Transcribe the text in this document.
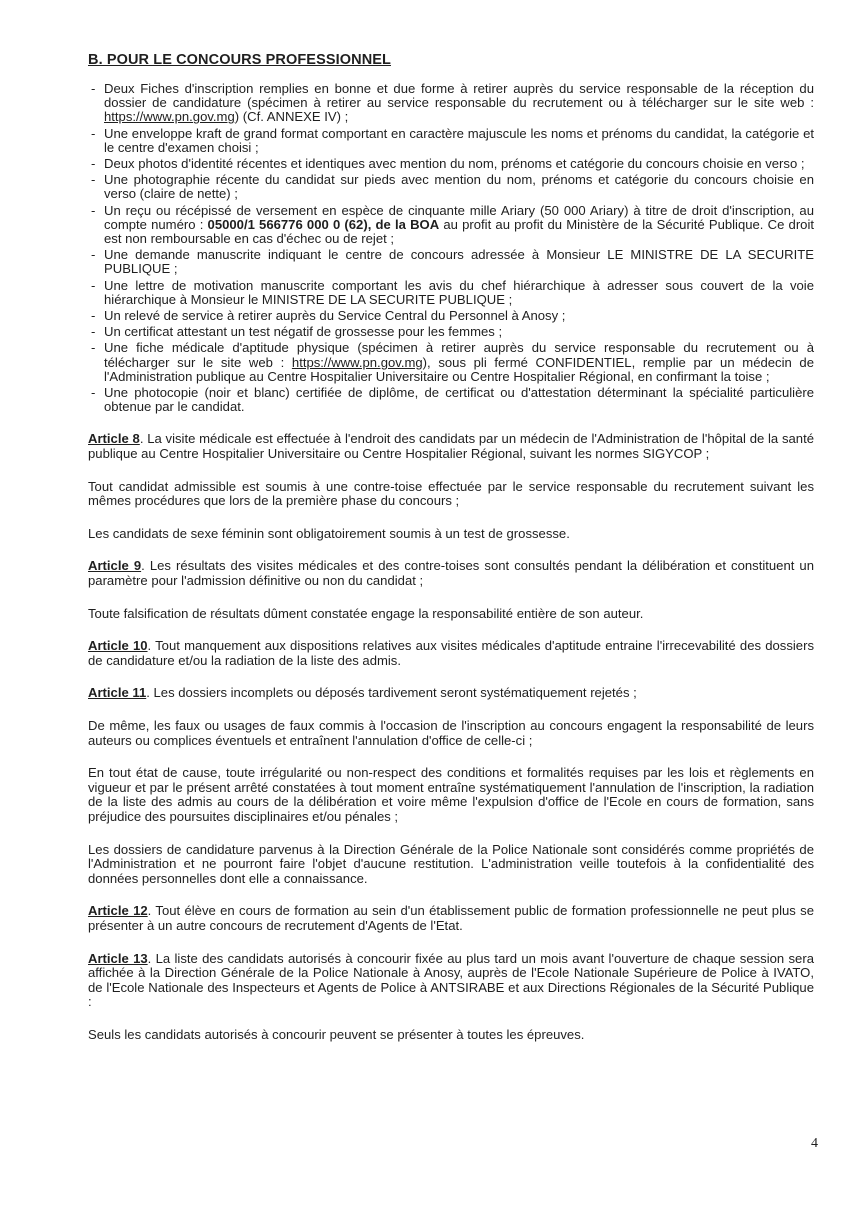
B. POUR LE CONCOURS PROFESSIONNEL
- Deux Fiches d'inscription remplies en bonne et due forme à retirer auprès du service responsable de la réception du dossier de candidature (spécimen à retirer au service responsable du recrutement ou à télécharger sur le site web : https://www.pn.gov.mg) (Cf. ANNEXE IV) ;
- Une enveloppe kraft de grand format comportant en caractère majuscule les noms et prénoms du candidat, la catégorie et le centre d'examen choisi ;
- Deux photos d'identité récentes et identiques avec mention du nom, prénoms et catégorie du concours choisie en verso ;
- Une photographie récente du candidat sur pieds avec mention du nom, prénoms et catégorie du concours choisie en verso (claire de nette) ;
- Un reçu ou récépissé de versement en espèce de cinquante mille Ariary (50 000 Ariary) à titre de droit d'inscription, au compte numéro : 05000/1 566776 000 0 (62), de la BOA au profit au profit du Ministère de la Sécurité Publique. Ce droit est non remboursable en cas d'échec ou de rejet ;
- Une demande manuscrite indiquant le centre de concours adressée à Monsieur LE MINISTRE DE LA SECURITE PUBLIQUE ;
- Une lettre de motivation manuscrite comportant les avis du chef hiérarchique à adresser sous couvert de la voie hiérarchique à Monsieur le MINISTRE DE LA SECURITE PUBLIQUE ;
- Un relevé de service à retirer auprès du Service Central du Personnel à Anosy ;
- Un certificat attestant un test négatif de grossesse pour les femmes ;
- Une fiche médicale d'aptitude physique (spécimen à retirer auprès du service responsable du recrutement ou à télécharger sur le site web : https://www.pn.gov.mg), sous pli fermé CONFIDENTIEL, remplie par un médecin de l'Administration publique au Centre Hospitalier Universitaire ou Centre Hospitalier Régional, en confirmant la toise ;
- Une photocopie (noir et blanc) certifiée de diplôme, de certificat ou d'attestation déterminant la spécialité particulière obtenue par le candidat.

Article 8. La visite médicale est effectuée à l'endroit des candidats par un médecin de l'Administration de l'hôpital de la santé publique au Centre Hospitalier Universitaire ou Centre Hospitalier Régional, suivant les normes SIGYCOP ;

Tout candidat admissible est soumis à une contre-toise effectuée par le service responsable du recrutement suivant les mêmes procédures que lors de la première phase du concours ;

Les candidats de sexe féminin sont obligatoirement soumis à un test de grossesse.

Article 9. Les résultats des visites médicales et des contre-toises sont consultés pendant la délibération et constituent un paramètre pour l'admission définitive ou non du candidat ;

Toute falsification de résultats dûment constatée engage la responsabilité entière de son auteur.

Article 10. Tout manquement aux dispositions relatives aux visites médicales d'aptitude entraine l'irrecevabilité des dossiers de candidature et/ou la radiation de la liste des admis.

Article 11. Les dossiers incomplets ou déposés tardivement seront systématiquement rejetés ;

De même, les faux ou usages de faux commis à l'occasion de l'inscription au concours engagent la responsabilité de leurs auteurs ou complices éventuels et entraînent l'annulation d'office de celle-ci ;

En tout état de cause, toute irrégularité ou non-respect des conditions et formalités requises par les lois et règlements en vigueur et par le présent arrêté constatées à tout moment entraîne systématiquement l'annulation de l'inscription, la radiation de la liste des admis au cours de la délibération et voire même l'expulsion d'office de l'Ecole en cours de formation, sans préjudice des poursuites disciplinaires et/ou pénales ;

Les dossiers de candidature parvenus à la Direction Générale de la Police Nationale sont considérés comme propriétés de l'Administration et ne pourront faire l'objet d'aucune restitution. L'administration veille toutefois à la confidentialité des données personnelles dont elle a connaissance.

Article 12. Tout élève en cours de formation au sein d'un établissement public de formation professionnelle ne peut plus se présenter à un autre concours de recrutement d'Agents de l'Etat.

Article 13. La liste des candidats autorisés à concourir fixée au plus tard un mois avant l'ouverture de chaque session sera affichée à la Direction Générale de la Police Nationale à Anosy, auprès de l'Ecole Nationale Supérieure de Police à IVATO, de l'Ecole Nationale des Inspecteurs et Agents de Police à ANTSIRABE et aux Directions Régionales de la Sécurité Publique :

Seuls les candidats autorisés à concourir peuvent se présenter à toutes les épreuves.

4
